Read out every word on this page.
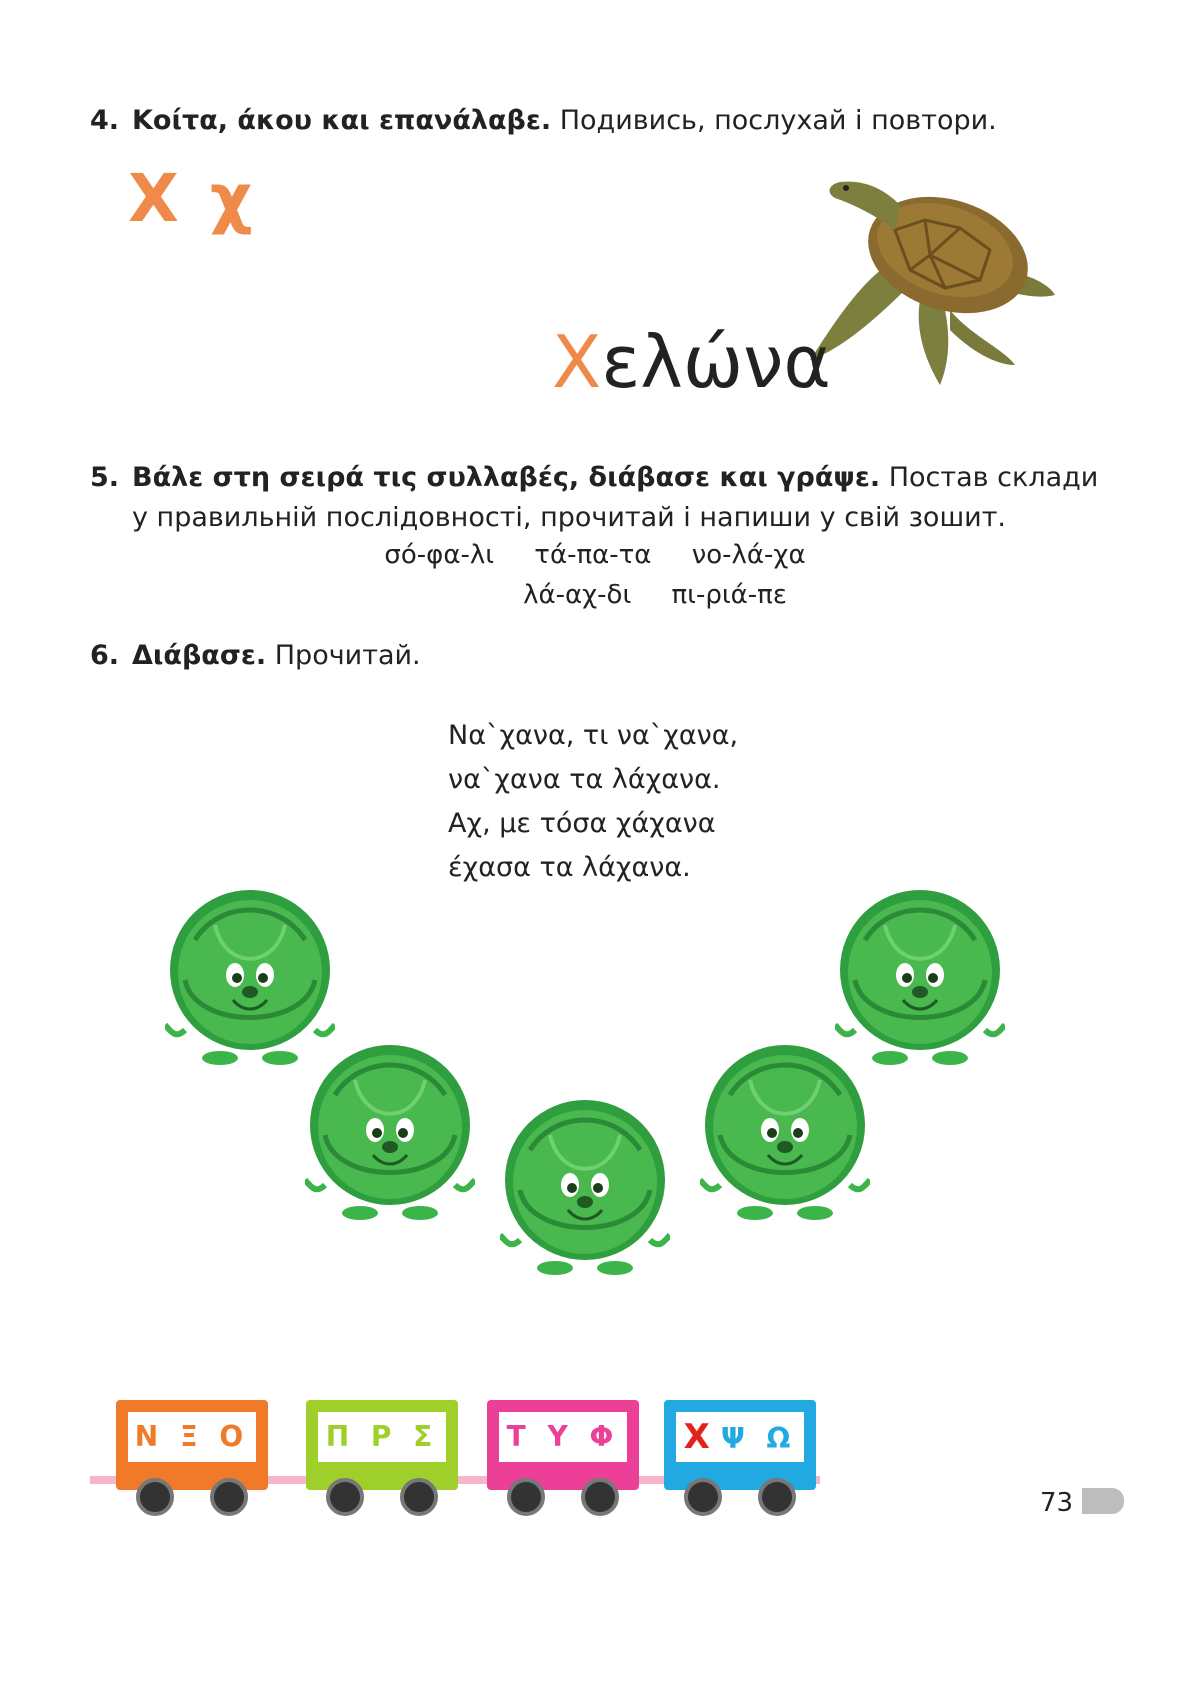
4. Κοίτα, άκου και επανάλαβε. Подивись, послухай і повтори.
Χ χ
Χελώνα
5. Βάλε στη σειρά τις συλλαβές, διάβασε και γράψε. Постав склади
у правильній послідовності, прочитай і напиши у свій зошит.
σό-φα-λι τά-πα-τα νο-λά-χα
λά-αχ-δι πι-ριά-πε
6. Διάβασε. Прочитай.
Να`χανα, τι να`χανα,
να`χανα τα λάχανα.
Αχ, με τόσα χάχανα
έχασα τα λάχανα.
Ν Ξ Ο	Π Ρ Σ Τ Υ Φ Χ Ψ Ω
73
